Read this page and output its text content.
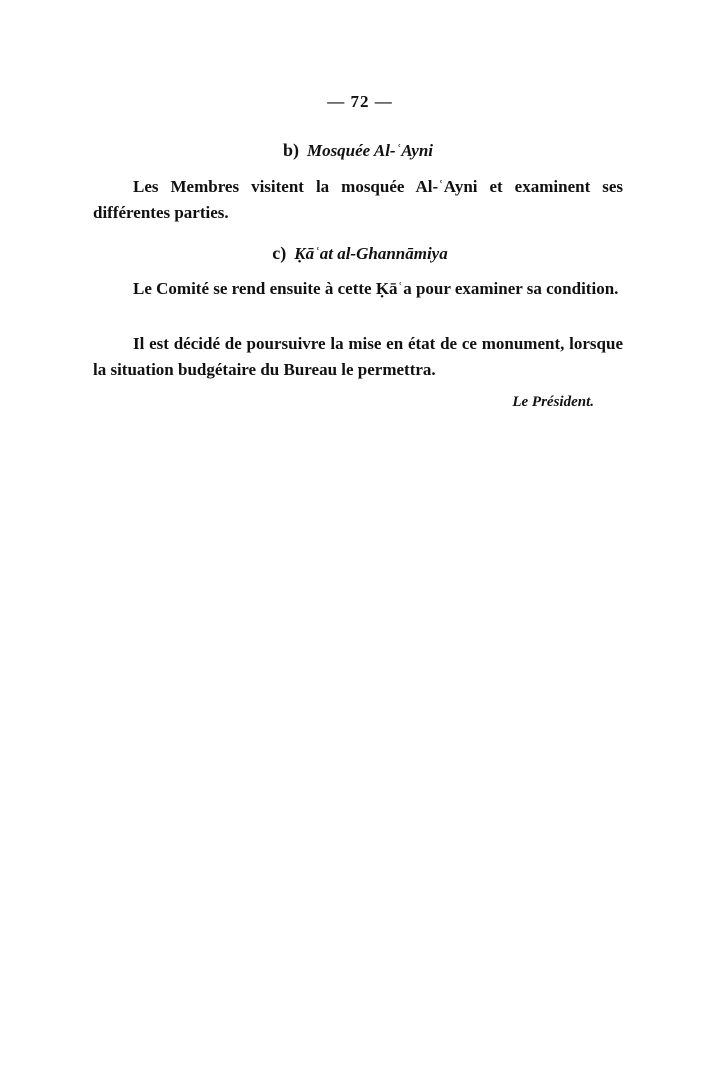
— 72 —
b) Mosquée Al-ʿAyni

Les Membres visitent la mosquée Al-ʿAyni et examinent ses différentes parties.

c) Ḳāʿat al-Ghannāmiya

Le Comité se rend ensuite à cette Ḳāʿa pour examiner sa condition.

Il est décidé de poursuivre la mise en état de ce monument, lorsque la situation budgétaire du Bureau le permettra.

Le Président.
